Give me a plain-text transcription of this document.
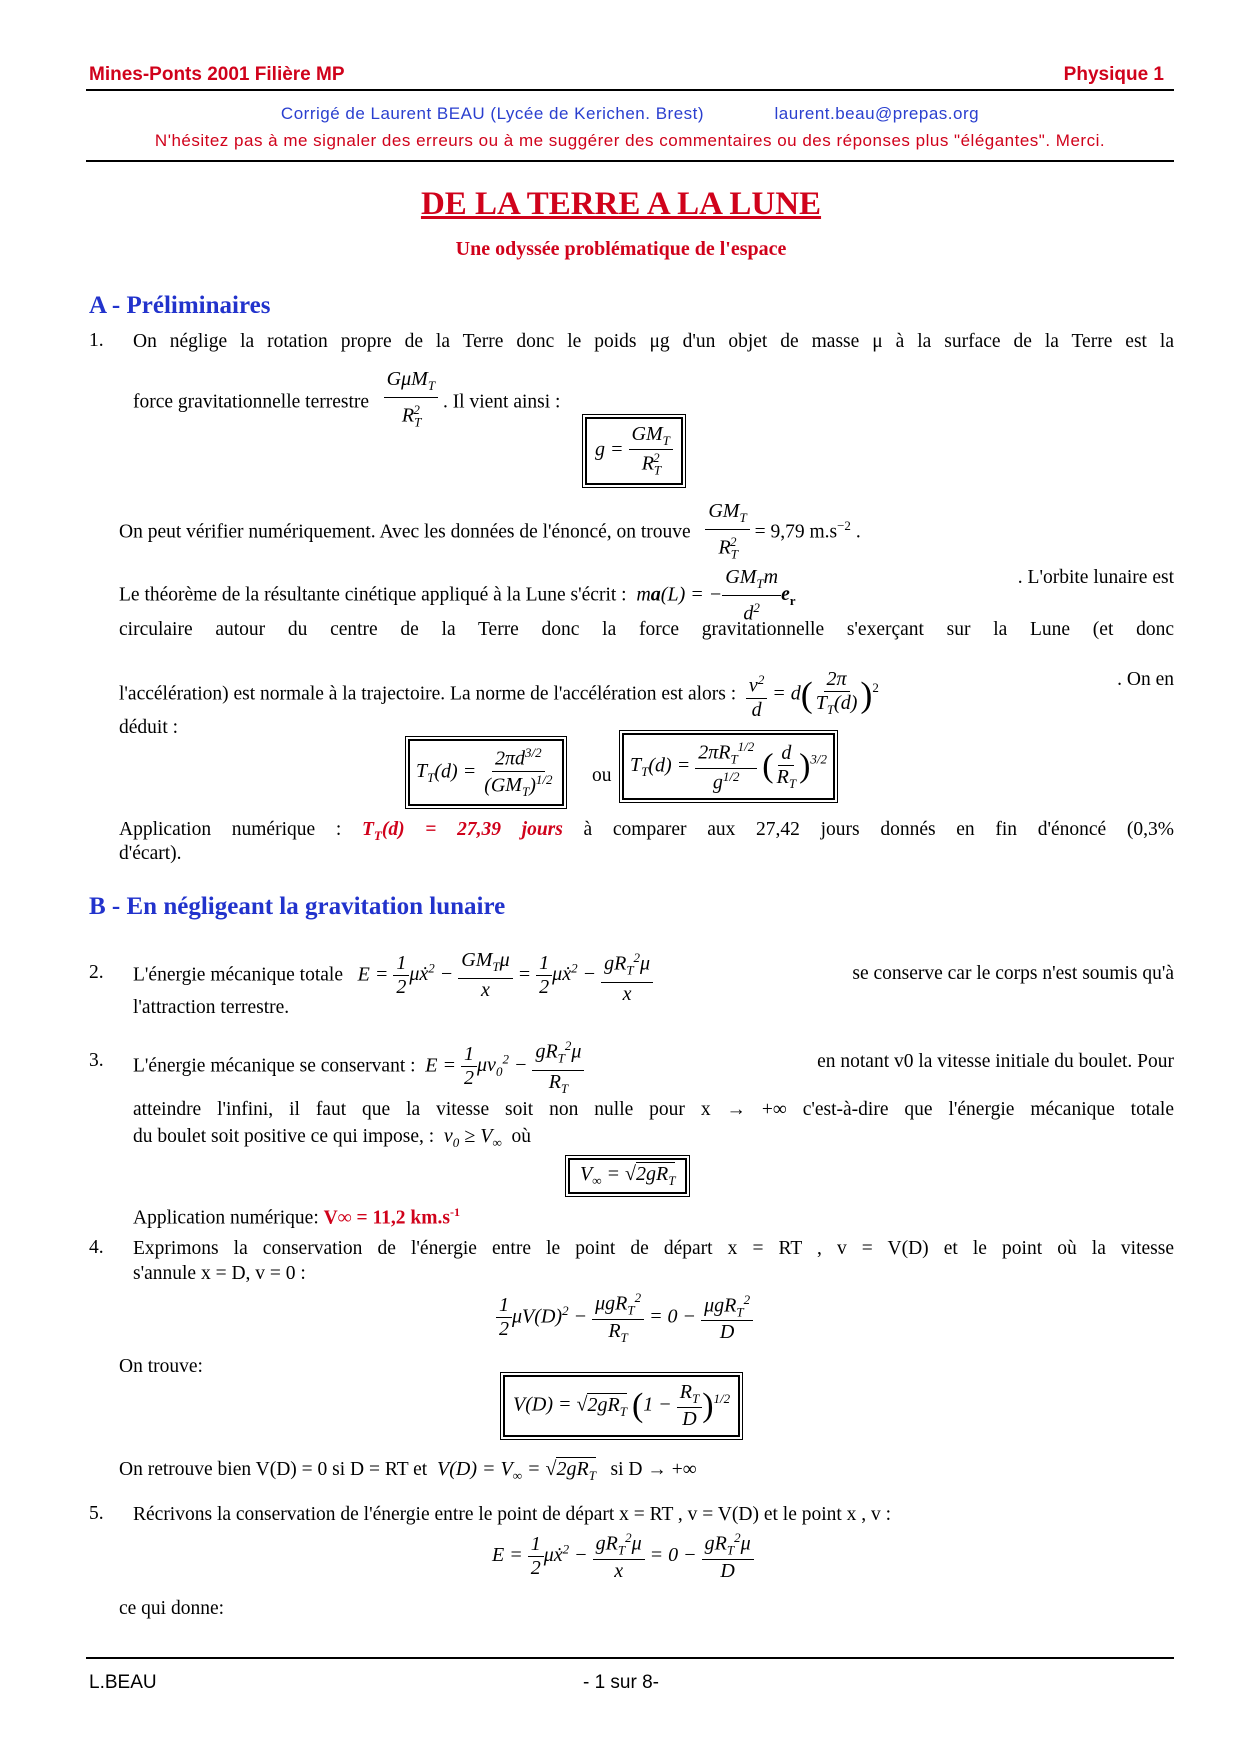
Mines-Ponts 2001 Filière MP	Physique 1
Corrigé de Laurent BEAU (Lycée de Kerichen. Brest)	laurent.beau@prepas.org
N'hésitez pas à me signaler des erreurs ou à me suggérer des commentaires ou des réponses plus "élégantes". Merci.
DE LA TERRE A LA LUNE
Une odyssée problématique de l'espace
A - Préliminaires
1. On néglige la rotation propre de la Terre donc le poids μg d'un objet de masse μ à la surface de la Terre est la
force gravitationnelle terrestre $\frac{G\mu M_T}{R_T^2}$ . Il vient ainsi :
$g = \frac{GM_T}{R_T^2}$
On peut vérifier numériquement. Avec les données de l'énoncé, on trouve $\frac{GM_T}{R_T^2} = 9,79$ $m.s^{-2}$ .
Le théorème de la résultante cinétique appliqué à la Lune s'écrit : ma(L) = − $\frac{GM_Tm}{d^2} e_r$
. L'orbite lunaire est
circulaire autour du centre de la Terre donc la force gravitationnelle s'exerçant sur la Lune (et donc
l'accélération) est normale à la trajectoire. La norme de l'accélération est alors : $\frac{v^2}{d} = d( \frac{2\pi}{T_T(d)} )^2$	. On en
déduit :
$T_T(d) = \frac{2\pi d^{3/2}}{(GM_T)^{1/2}}$ ou $T_T(d) = \frac{2\pi R_T^{1/2}}{g^{1/2}}$ ( $\frac{d}{R_T} )^{3/2}$
Application numérique : $T_T(d) = 27,39$ jours à comparer aux 27,42 jours donnés en fin d'énoncé (0,3%
d'écart).
B - En négligeant la gravitation lunaire
2. L'énergie mécanique totale $E = \frac{1}{2}$ μẋ$^2$ − $\frac{GM_T\mu}{x} = \frac{1}{2}$ μẋ$^2$ − $\frac{gR_T^2\mu}{x}$	se conserve car le corps n'est soumis qu'à
l'attraction terrestre.
3. L'énergie mécanique se conservant : $E = \frac{1}{2} \mu v_0^2 - \frac{gR_T^2\mu}{R_T}$	en notant v0 la vitesse initiale du boulet. Pour
atteindre l'infini, il faut que la vitesse soit non nulle pour x → +∞ c'est-à-dire que l'énergie mécanique totale
du boulet soit positive ce qui impose, : $v_0 \ge V_\infty$ où
$V_\infty = √2gR_T$
Application numérique: V∞ = 11,2 $km.s^{-1}$
4. Exprimons la conservation de l'énergie entre le point de départ x = RT , v = V(D) et le point où la vitesse
s'annule x = D, v = 0 :
$\frac{1}{2} \mu V(D)^2 - \frac{\mu gR_T^2}{R_T} = 0 - \frac{\mu gR_T^2}{D}$
On trouve:
$V(D) = √2gR_T$ $(1 - \frac{R_T}{D} )^{1/2}$
On retrouve bien V(D) = 0 si D = RT et $V(D) = V_\infty = √2gR_T$ si D → +∞
5. Récrivons la conservation de l'énergie entre le point de départ x = RT , v = V(D) et le point x , v :
$E = \frac{1}{2}$ μẋ$^2$ − $\frac{gR_T^2\mu}{x} = 0 - \frac{gR_T^2\mu}{D}$
ce qui donne:
L.BEAU	- 1 sur 8-
